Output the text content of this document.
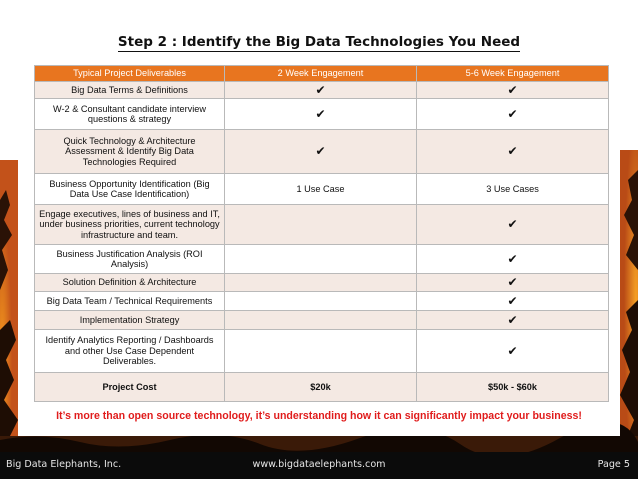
Step 2 : Identify the Big Data Technologies You Need
Typical Project Deliverables	2 Week Engagement	5-6 Week Engagement
Big Data Terms & Definitions	✔	✔
W-2 & Consultant candidate interview questions & strategy	✔	✔
Quick Technology & Architecture Assessment & Identify Big Data Technologies Required	✔	✔
Business Opportunity Identification (Big Data Use Case Identification)	1 Use Case	3 Use Cases
Engage executives, lines of business and IT, under business priorities, current technology infrastructure and team.		✔
Business Justification Analysis (ROI Analysis)		✔
Solution Definition & Architecture		✔
Big Data Team / Technical Requirements		✔
Implementation Strategy		✔
Identify Analytics Reporting / Dashboards and other Use Case Dependent Deliverables.		✔
Project Cost	$20k	$50k - $60k
It’s more than open source technology, it’s understanding how it can significantly impact your business!
Big Data Elephants, Inc.	www.bigdataelephants.com	Page 5
